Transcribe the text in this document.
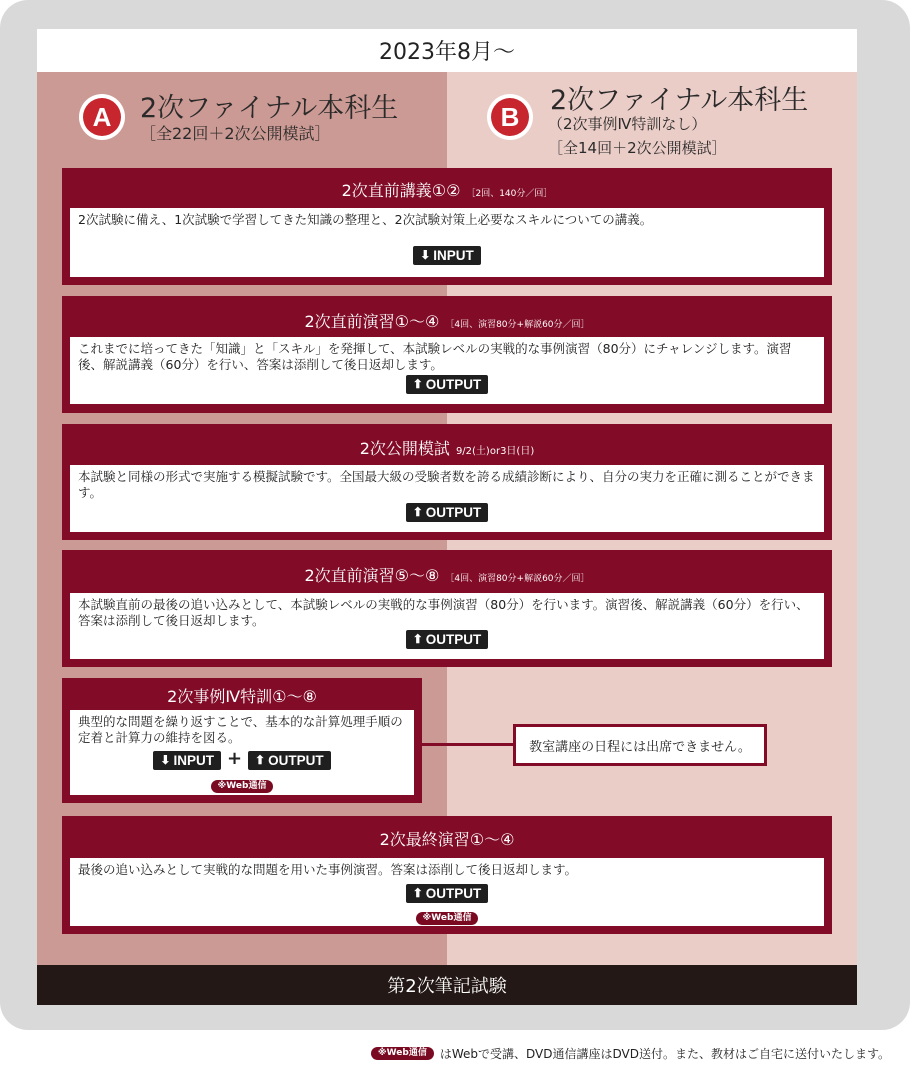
2023年8月～
A	2次ファイナル本科生
［全22回＋2次公開模試］
B
2次ファイナル本科生
（2次事例Ⅳ特訓なし）
［全14回＋2次公開模試］
2次直前講義①② ［2回、140分／回］
2次試験に備え、1次試験で学習してきた知識の整理と、2次試験対策上必要なスキルについての講義。
⬇ INPUT
2次直前演習①～④ ［4回、演習80分+解説60分／回］
これまでに培ってきた「知識」と「スキル」を発揮して、本試験レベルの実戦的な事例演習（80分）にチャレンジします。演習後、解説講義（60分）を行い、答案は添削して後日返却します。
⬆ OUTPUT
2次公開模試 9/2(土)or3日(日)
本試験と同様の形式で実施する模擬試験です。全国最大級の受験者数を誇る成績診断により、自分の実力を正確に測ることができます。
⬆ OUTPUT
2次直前演習⑤～⑧ ［4回、演習80分+解説60分／回］
本試験直前の最後の追い込みとして、本試験レベルの実戦的な事例演習（80分）を行います。演習後、解説講義（60分）を行い、答案は添削して後日返却します。
⬆ OUTPUT
2次事例Ⅳ特訓①～⑧
典型的な問題を繰り返すことで、基本的な計算処理手順の定着と計算力の維持を図る。
⬇ INPUT + ⬆ OUTPUT
※Web通信
教室講座の日程には出席できません。
2次最終演習①～④
最後の追い込みとして実戦的な問題を用いた事例演習。答案は添削して後日返却します。
⬆ OUTPUT
※Web通信
第2次筆記試験
※Web通信	はWebで受講、DVD通信講座はDVD送付。また、教材はご自宅に送付いたします。
